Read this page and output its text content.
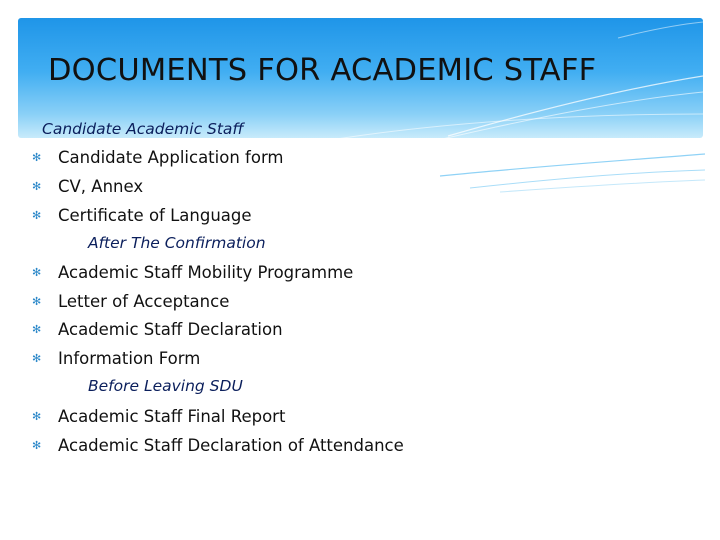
DOCUMENTS FOR ACADEMIC STAFF
Candidate Academic Staff
✻ Candidate Application form
✻ CV, Annex
✻ Certificate of Language
After The Confirmation
✻ Academic Staff Mobility Programme
✻ Letter of Acceptance
✻ Academic Staff Declaration
✻ Information Form
Before Leaving SDU
✻ Academic Staff Final Report
✻ Academic Staff Declaration of Attendance
